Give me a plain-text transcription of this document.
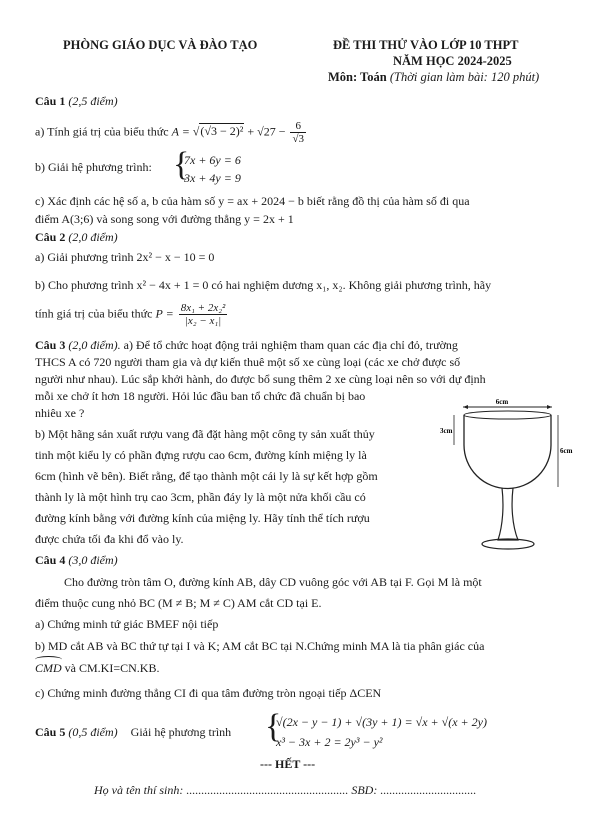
PHÒNG GIÁO DỤC VÀ ĐÀO TẠO	ĐỀ THI THỬ VÀO LỚP 10 THPT
NĂM HỌC 2024-2025
Môn: Toán (Thời gian làm bài: 120 phút)
Câu 1 (2,5 điểm)
a) Tính giá trị của biểu thức $A = √(√3 - 2)^2 + √27 - \frac{6}{√3}$
b) Giải hệ phương trình: {
7x + 6y = 6
3x + 4y = 9
c) Xác định các hệ số a, b của hàm số y = ax + 2024 − b biết rằng đồ thị của hàm số đi qua
điểm A(3;6) và song song với đường thẳng y = 2x + 1
Câu 2 (2,0 điểm)
a) Giải phương trình 2x² − x − 10 = 0
b) Cho phương trình x² − 4x + 1 = 0 có hai nghiệm dương x₁, x₂. Không giải phương trình, hãy
tính giá trị của biểu thức $P = \frac{\text{8x₁ + 2x₂²}}{\text{|x₂ − x₁|}}$
Câu 3 (2,0 điểm). a) Để tổ chức hoạt động trải nghiệm tham quan các địa chỉ đỏ, trường
THCS A có 720 người tham gia và dự kiến thuê một số xe cùng loại (các xe chở được số
người như nhau). Lúc sắp khởi hành, do được bổ sung thêm 2 xe cùng loại nên so với dự định
mỗi xe chở ít hơn 18 người. Hỏi lúc đầu ban tổ chức đã chuẩn bị bao
nhiêu xe ?
b) Một hãng sản xuất rượu vang đã đặt hàng một công ty sản xuất thủy
tinh một kiểu ly có phần đựng rượu cao 6cm, đường kính miệng ly là
6cm (hình vẽ bên). Biết rằng, để tạo thành một cái ly là sự kết hợp gồm
thành ly là một hình trụ cao 3cm, phần đáy ly là một nửa khối cầu có
đường kính bằng với đường kính của miệng ly. Hãy tính thể tích rượu
được chứa tối đa khi đổ vào ly.
6cm
3cm
6cm
Câu 4 (3,0 điểm)
Cho đường tròn tâm O, đường kính AB, dây CD vuông góc với AB tại F. Gọi M là một
điểm thuộc cung nhỏ BC (M ≠ B; M ≠ C) AM cắt CD tại E.
a) Chứng minh tứ giác BMEF nội tiếp
b) MD cắt AB và BC thứ tự tại I và K; AM cắt BC tại N.Chứng minh MA là tia phân giác của
CMD và CM.KI=CN.KB.
c) Chứng minh đường thẳng CI đi qua tâm đường tròn ngoại tiếp ΔCEN
Câu 5 (0,5 điểm) Giải hệ phương trình {
√(2x − y − 1) + √(3y + 1) = √x + √(x + 2y)
x³ − 3x + 2 = 2y³ − y²
--- HẾT ---
Họ và tên thí sinh: ...................................................... SBD: ................................
